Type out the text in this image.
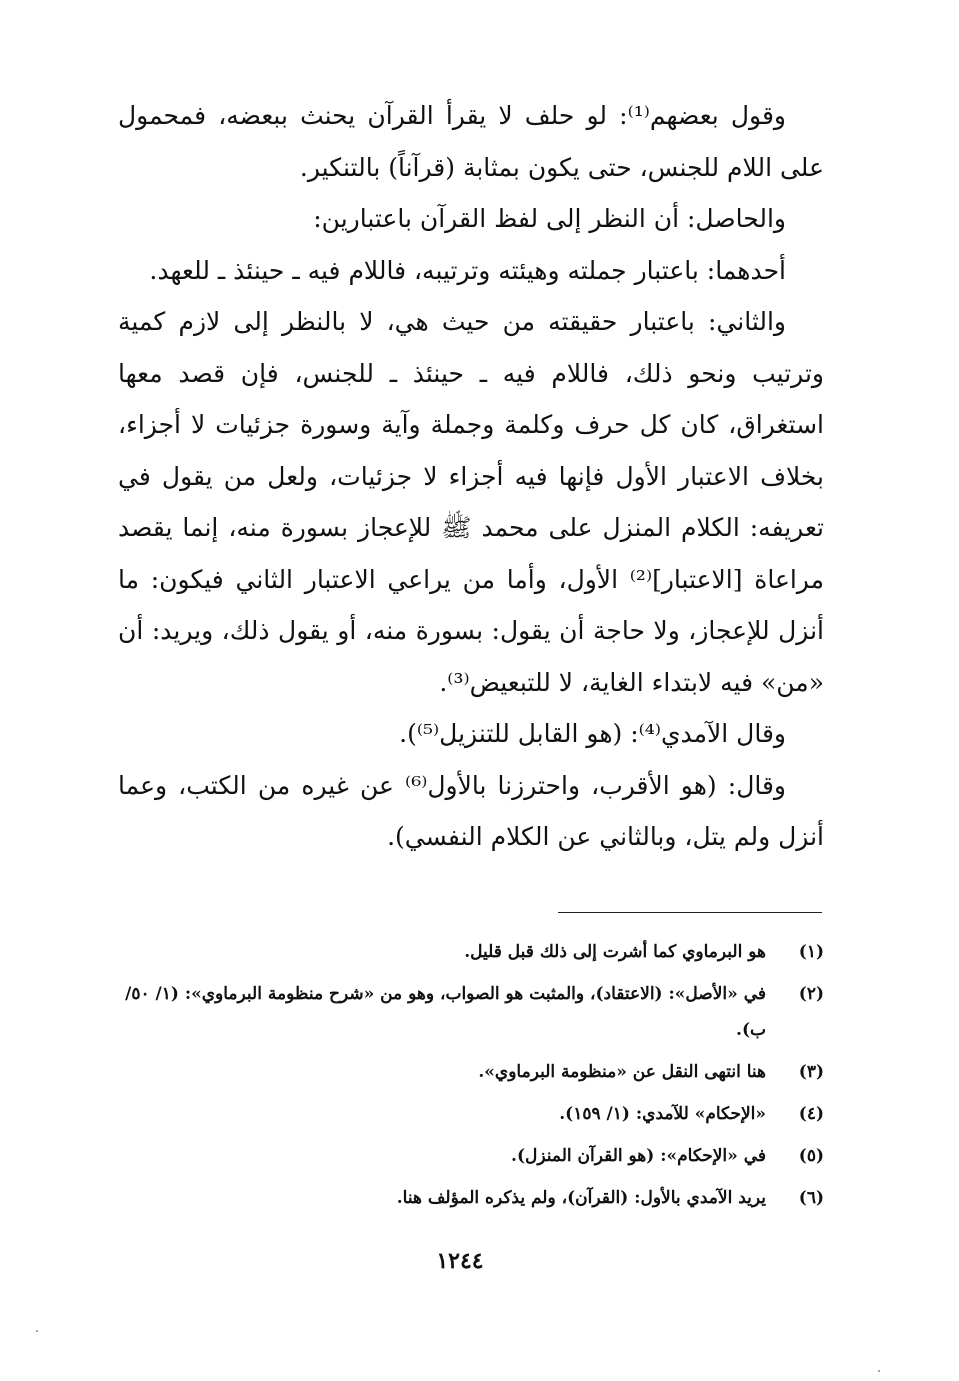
وقول بعضهم⁽¹⁾: لو حلف لا يقرأ القرآن يحنث ببعضه، فمحمول على اللام للجنس، حتى يكون بمثابة (قرآناً) بالتنكير.

والحاصل: أن النظر إلى لفظ القرآن باعتبارين:

أحدهما: باعتبار جملته وهيئته وترتيبه، فاللام فيه ـ حينئذ ـ للعهد.

والثاني: باعتبار حقيقته من حيث هي، لا بالنظر إلى لازم كمية وترتيب ونحو ذلك، فاللام فيه ـ حينئذ ـ للجنس، فإن قصد معها استغراق، كان كل حرف وكلمة وجملة وآية وسورة جزئيات لا أجزاء، بخلاف الاعتبار الأول فإنها فيه أجزاء لا جزئيات، ولعل من يقول في تعريفه: الكلام المنزل على محمد ﷺ للإعجاز بسورة منه، إنما يقصد مراعاة [الاعتبار]⁽²⁾ الأول، وأما من يراعي الاعتبار الثاني فيكون: ما أنزل للإعجاز، ولا حاجة أن يقول: بسورة منه، أو يقول ذلك، ويريد: أن «من» فيه لابتداء الغاية، لا للتبعيض⁽³⁾.

وقال الآمدي⁽⁴⁾: (هو القابل للتنزيل⁽⁵⁾).

وقال: (هو الأقرب، واحترزنا بالأول⁽⁶⁾ عن غيره من الكتب، وعما أنزل ولم يتل، وبالثاني عن الكلام النفسي).

(١)
هو البرماوي كما أشرت إلى ذلك قبل قليل.
(٢)
في «الأصل»: (الاعتقاد)، والمثبت هو الصواب، وهو من «شرح منظومة البرماوي»: (١/ ٥٠/ ب).
(٣)
هنا انتهى النقل عن «منظومة البرماوي».
(٤)
«الإحكام» للآمدي: (١/ ١٥٩).
(٥)
في «الإحكام»: (هو القرآن المنزل).
(٦)
يريد الآمدي بالأول: (القرآن)، ولم يذكره المؤلف هنا.
١٢٤٤
